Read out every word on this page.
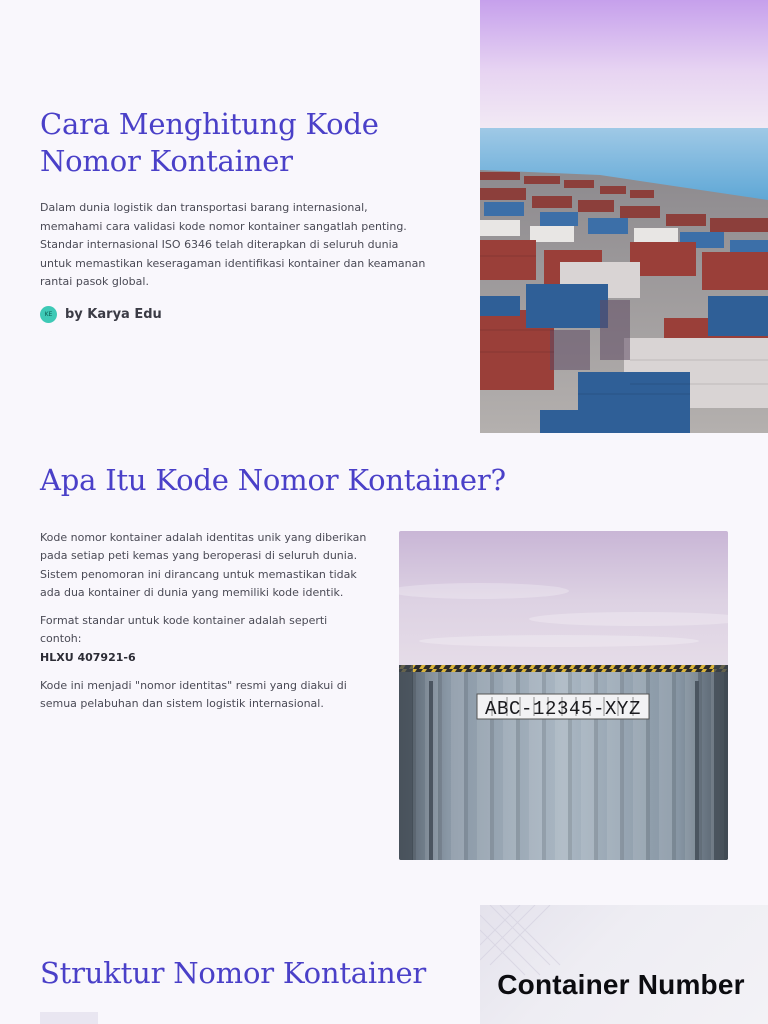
Cara Menghitung Kode Nomor Kontainer

Dalam dunia logistik dan transportasi barang internasional, memahami cara validasi kode nomor kontainer sangatlah penting. Standar internasional ISO 6346 telah diterapkan di seluruh dunia untuk memastikan keseragaman identifikasi kontainer dan keamanan rantai pasok global.

KE by Karya Edu
Apa Itu Kode Nomor Kontainer?

Kode nomor kontainer adalah identitas unik yang diberikan pada setiap peti kemas yang beroperasi di seluruh dunia. Sistem penomoran ini dirancang untuk memastikan tidak ada dua kontainer di dunia yang memiliki kode identik.

Format standar untuk kode kontainer adalah seperti contoh:
HLXU 407921-6

Kode ini menjadi "nomor identitas" resmi yang diakui di semua pelabuhan dan sistem logistik internasional.	ABC-12345-XYZ
Struktur Nomor Kontainer	Container Number
